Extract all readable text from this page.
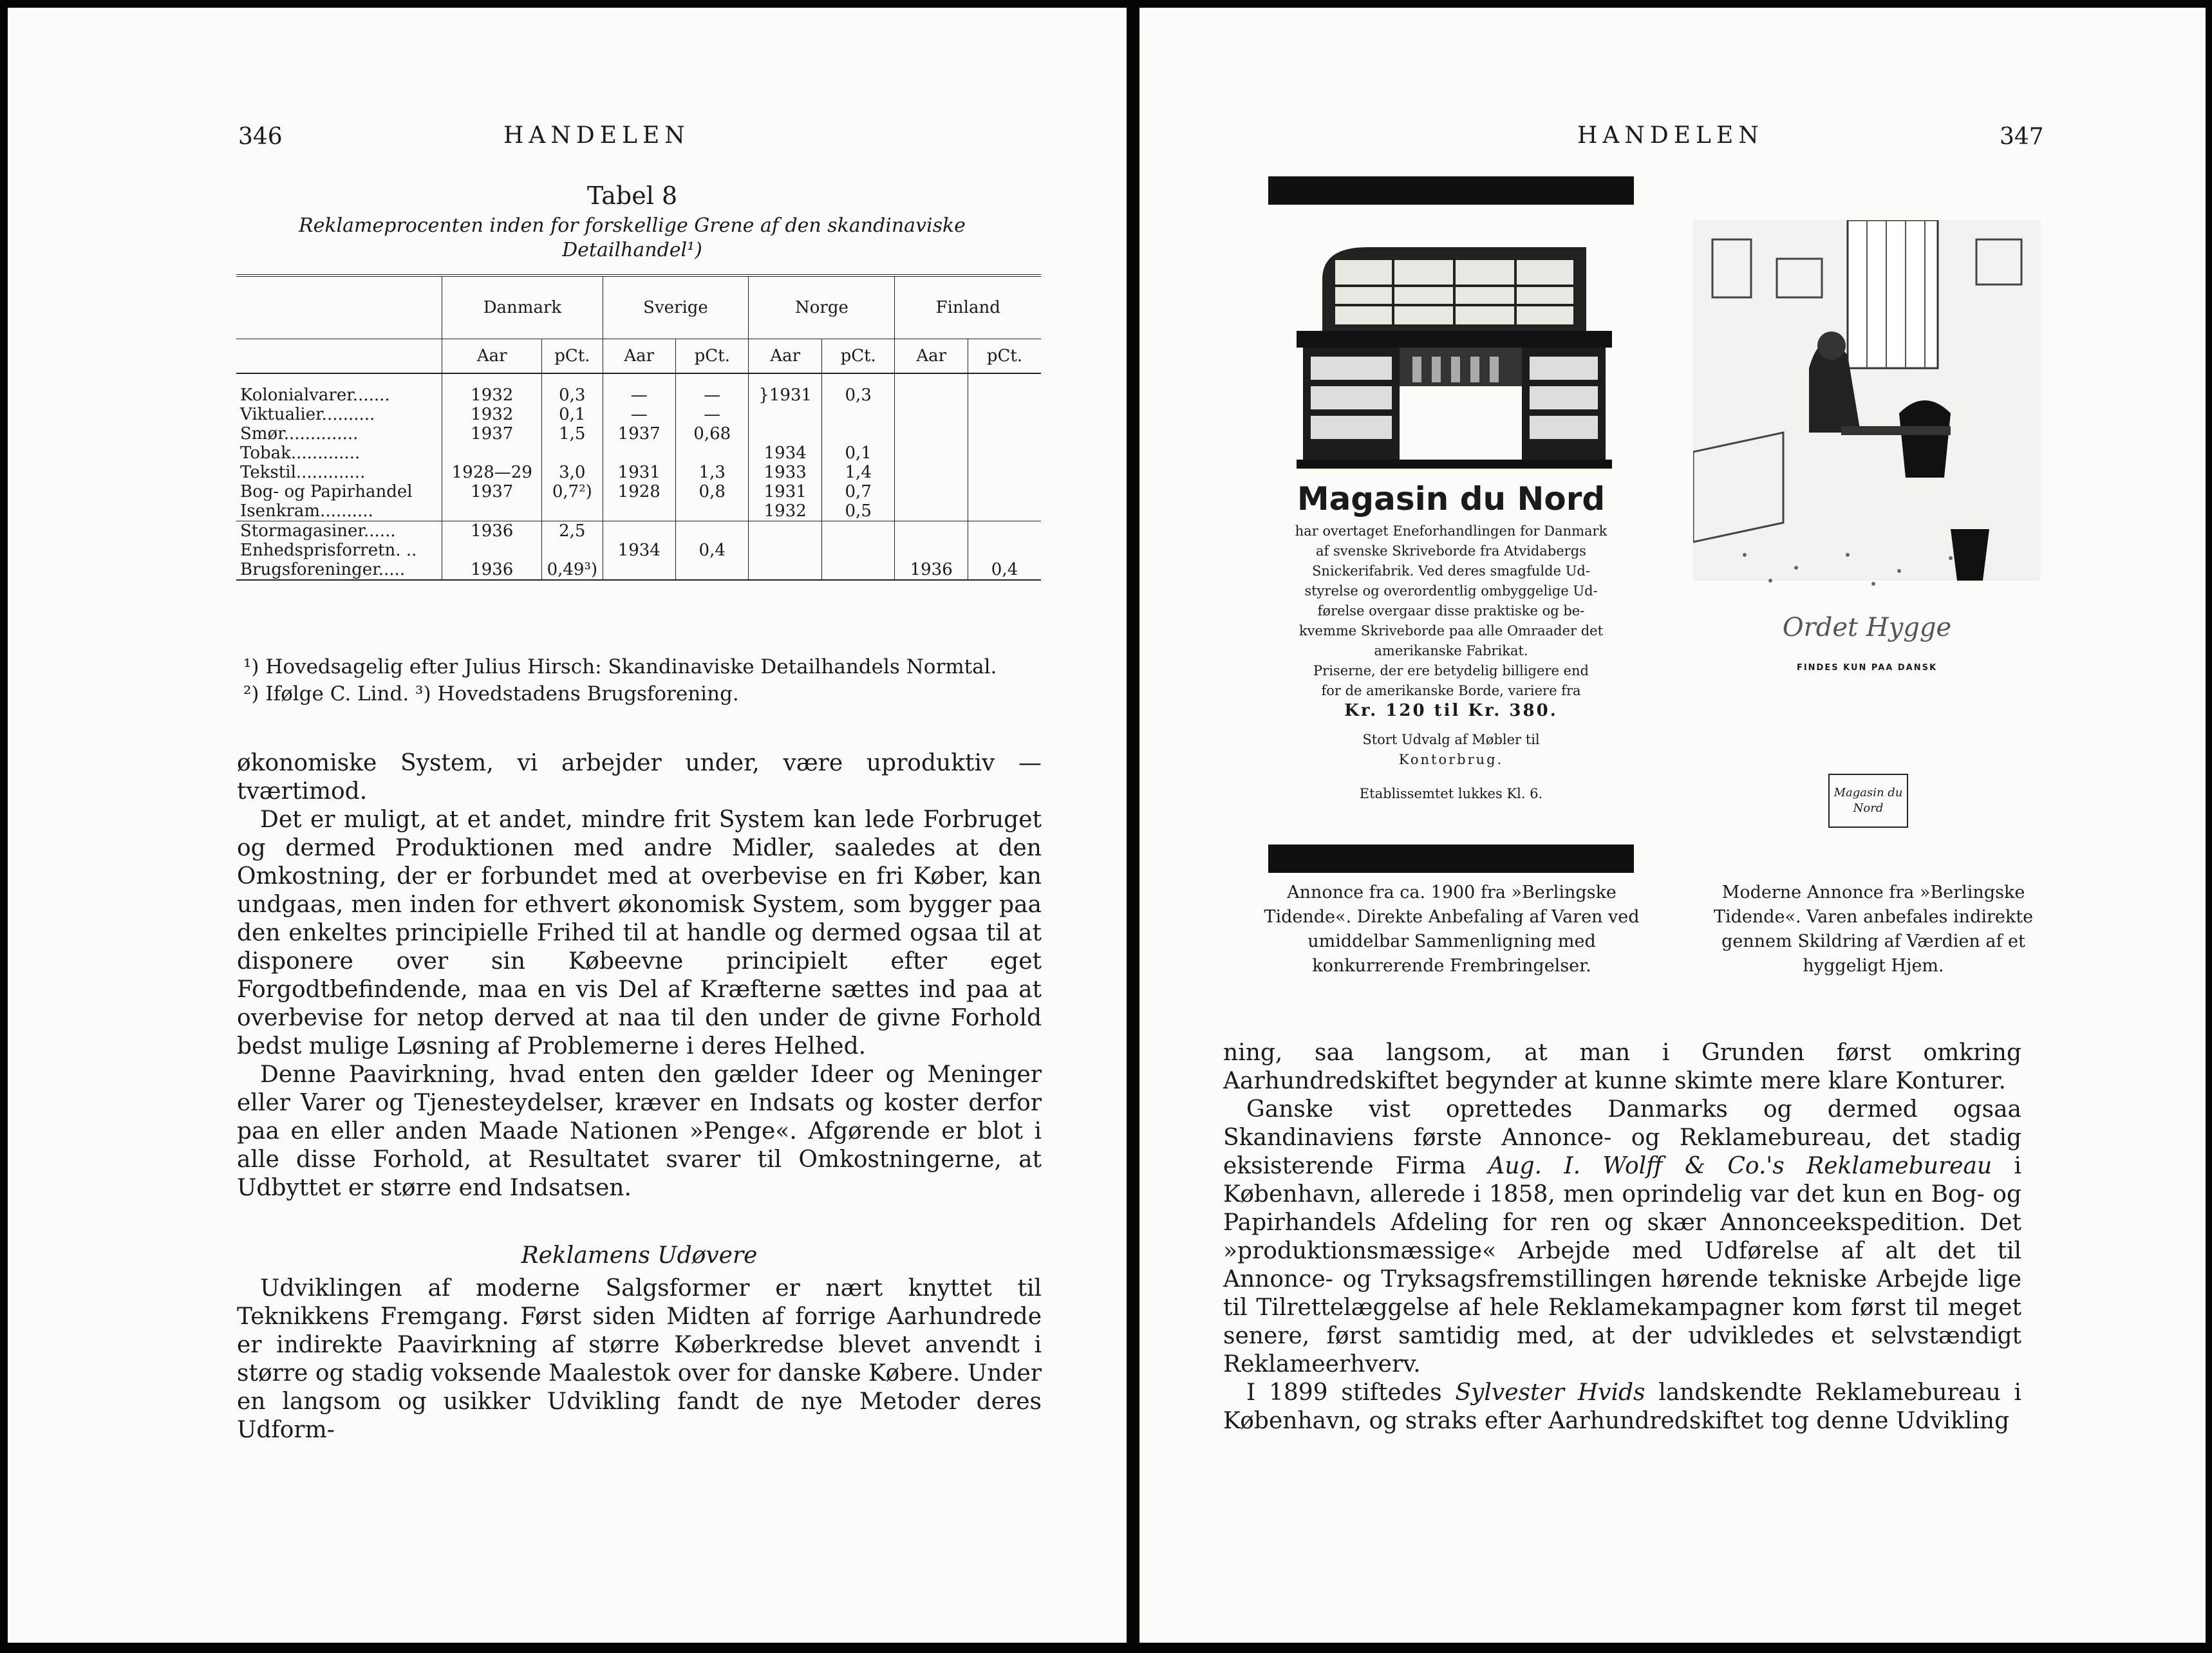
346	HANDELEN
Tabel 8
Reklameprocenten inden for forskellige Grene af den skandinaviske Detailhandel¹)
	Danmark		Sverige		Norge		Finland	
	Aar	pCt.	Aar	pCt.	Aar	pCt.	Aar	pCt.
Kolonialvarer.......	1932	0,3	—	—	}1931	0,3		
Viktualier..........	1932	0,1	—	—				
Smør..............	1937	1,5	1937	0,68				
Tobak.............					1934	0,1		
Tekstil.............	1928—29	3,0	1931	1,3	1933	1,4		
Bog- og Papirhandel	1937	0,7²)	1928	0,8	1931	0,7		
Isenkram..........					1932	0,5		
Stormagasiner......	1936	2,5						
Enhedsprisforretn. ..			1934	0,4				
Brugsforeninger.....	1936	0,49³)					1936	0,4
¹) Hovedsagelig efter Julius Hirsch: Skandinaviske Detailhandels Normtal.
²) Ifølge C. Lind. ³) Hovedstadens Brugsforening.

økonomiske System, vi arbejder under, være uproduktiv — tværtimod.

Det er muligt, at et andet, mindre frit System kan lede Forbruget og dermed Produktionen med andre Midler, saaledes at den Omkostning, der er forbundet med at overbevise en fri Køber, kan undgaas, men inden for ethvert økonomisk System, som bygger paa den enkeltes principielle Frihed til at handle og dermed ogsaa til at disponere over sin Købeevne principielt efter eget Forgodtbefindende, maa en vis Del af Kræfterne sættes ind paa at overbevise for netop derved at naa til den under de givne Forhold bedst mulige Løsning af Problemerne i deres Helhed.

Denne Paavirkning, hvad enten den gælder Ideer og Meninger eller Varer og Tjenesteydelser, kræver en Indsats og koster derfor paa en eller anden Maade Nationen »Penge«. Afgørende er blot i alle disse Forhold, at Resultatet svarer til Omkostningerne, at Udbyttet er større end Indsatsen.

Reklamens Udøvere

Udviklingen af moderne Salgsformer er nært knyttet til Teknikkens Fremgang. Først siden Midten af forrige Aarhundrede er indirekte Paavirkning af større Køberkredse blevet anvendt i større og stadig voksende Maalestok over for danske Købere. Under en langsom og usikker Udvikling fandt de nye Metoder deres Udform-

HANDELEN	347
Magasin du Nord
har overtaget Eneforhandlingen for Danmark
af svenske Skriveborde fra Atvidabergs
Snickerifabrik. Ved deres smagfulde Ud-
styrelse og overordentlig ombyggelige Ud-
førelse overgaar disse praktiske og be-
kvemme Skriveborde paa alle Omraader det
amerikanske Fabrikat.
Priserne, der ere betydelig billigere end
for de amerikanske Borde, variere fra
Kr. 120 til Kr. 380.
Stort Udvalg af Møbler til
Kontorbrug.
Etablissemtet lukkes Kl. 6.
Ordet Hygge
FINDES KUN PAA DANSK
Magasin du Nord
Annonce fra ca. 1900 fra »Berlingske Tidende«. Direkte Anbefaling af Varen ved umiddelbar Sammenligning med konkurrerende Frembringelser.
Moderne Annonce fra »Berlingske Tidende«. Varen anbefales indirekte gennem Skildring af Værdien af et hyggeligt Hjem.

ning, saa langsom, at man i Grunden først omkring Aarhundredskiftet begynder at kunne skimte mere klare Konturer.

Ganske vist oprettedes Danmarks og dermed ogsaa Skandinaviens første Annonce- og Reklamebureau, det stadig eksisterende Firma Aug. I. Wolff & Co.'s Reklamebureau i København, allerede i 1858, men oprindelig var det kun en Bog- og Papirhandels Afdeling for ren og skær Annonceekspedition. Det »produktionsmæssige« Arbejde med Udførelse af alt det til Annonce- og Tryksagsfremstillingen hørende tekniske Arbejde lige til Tilrettelæggelse af hele Reklamekampagner kom først til meget senere, først samtidig med, at der udvikledes et selvstændigt Reklameerhverv.

I 1899 stiftedes Sylvester Hvids landskendte Reklamebureau i København, og straks efter Aarhundredskiftet tog denne Udvikling
